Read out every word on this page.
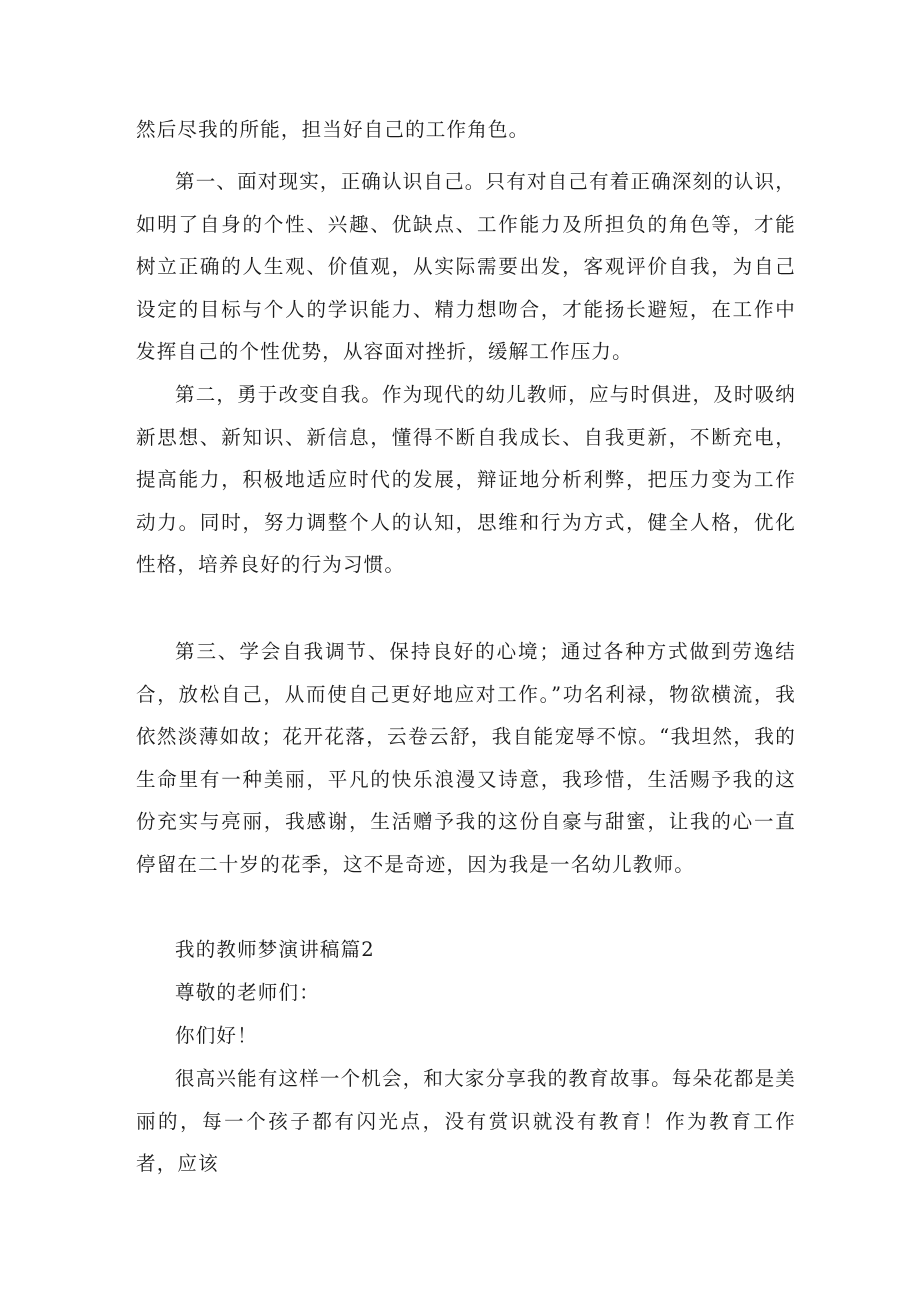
然后尽我的所能，担当好自己的工作角色。

第一、面对现实，正确认识自己。只有对自己有着正确深刻的认识，如明了自身的个性、兴趣、优缺点、工作能力及所担负的角色等，才能树立正确的人生观、价值观，从实际需要出发，客观评价自我，为自己设定的目标与个人的学识能力、精力想吻合，才能扬长避短，在工作中发挥自己的个性优势，从容面对挫折，缓解工作压力。

第二，勇于改变自我。作为现代的幼儿教师，应与时俱进，及时吸纳新思想、新知识、新信息，懂得不断自我成长、自我更新，不断充电，提高能力，积极地适应时代的发展，辩证地分析利弊，把压力变为工作动力。同时，努力调整个人的认知，思维和行为方式，健全人格，优化性格，培养良好的行为习惯。

第三、学会自我调节、保持良好的心境；通过各种方式做到劳逸结合，放松自己，从而使自己更好地应对工作。”功名利禄，物欲横流，我依然淡薄如故；花开花落，云卷云舒，我自能宠辱不惊。“我坦然，我的生命里有一种美丽，平凡的快乐浪漫又诗意，我珍惜，生活赐予我的这份充实与亮丽，我感谢，生活赠予我的这份自豪与甜蜜，让我的心一直停留在二十岁的花季，这不是奇迹，因为我是一名幼儿教师。

我的教师梦演讲稿篇2

尊敬的老师们：

你们好！

很高兴能有这样一个机会，和大家分享我的教育故事。每朵花都是美丽的，每一个孩子都有闪光点，没有赏识就没有教育！作为教育工作者，应该
